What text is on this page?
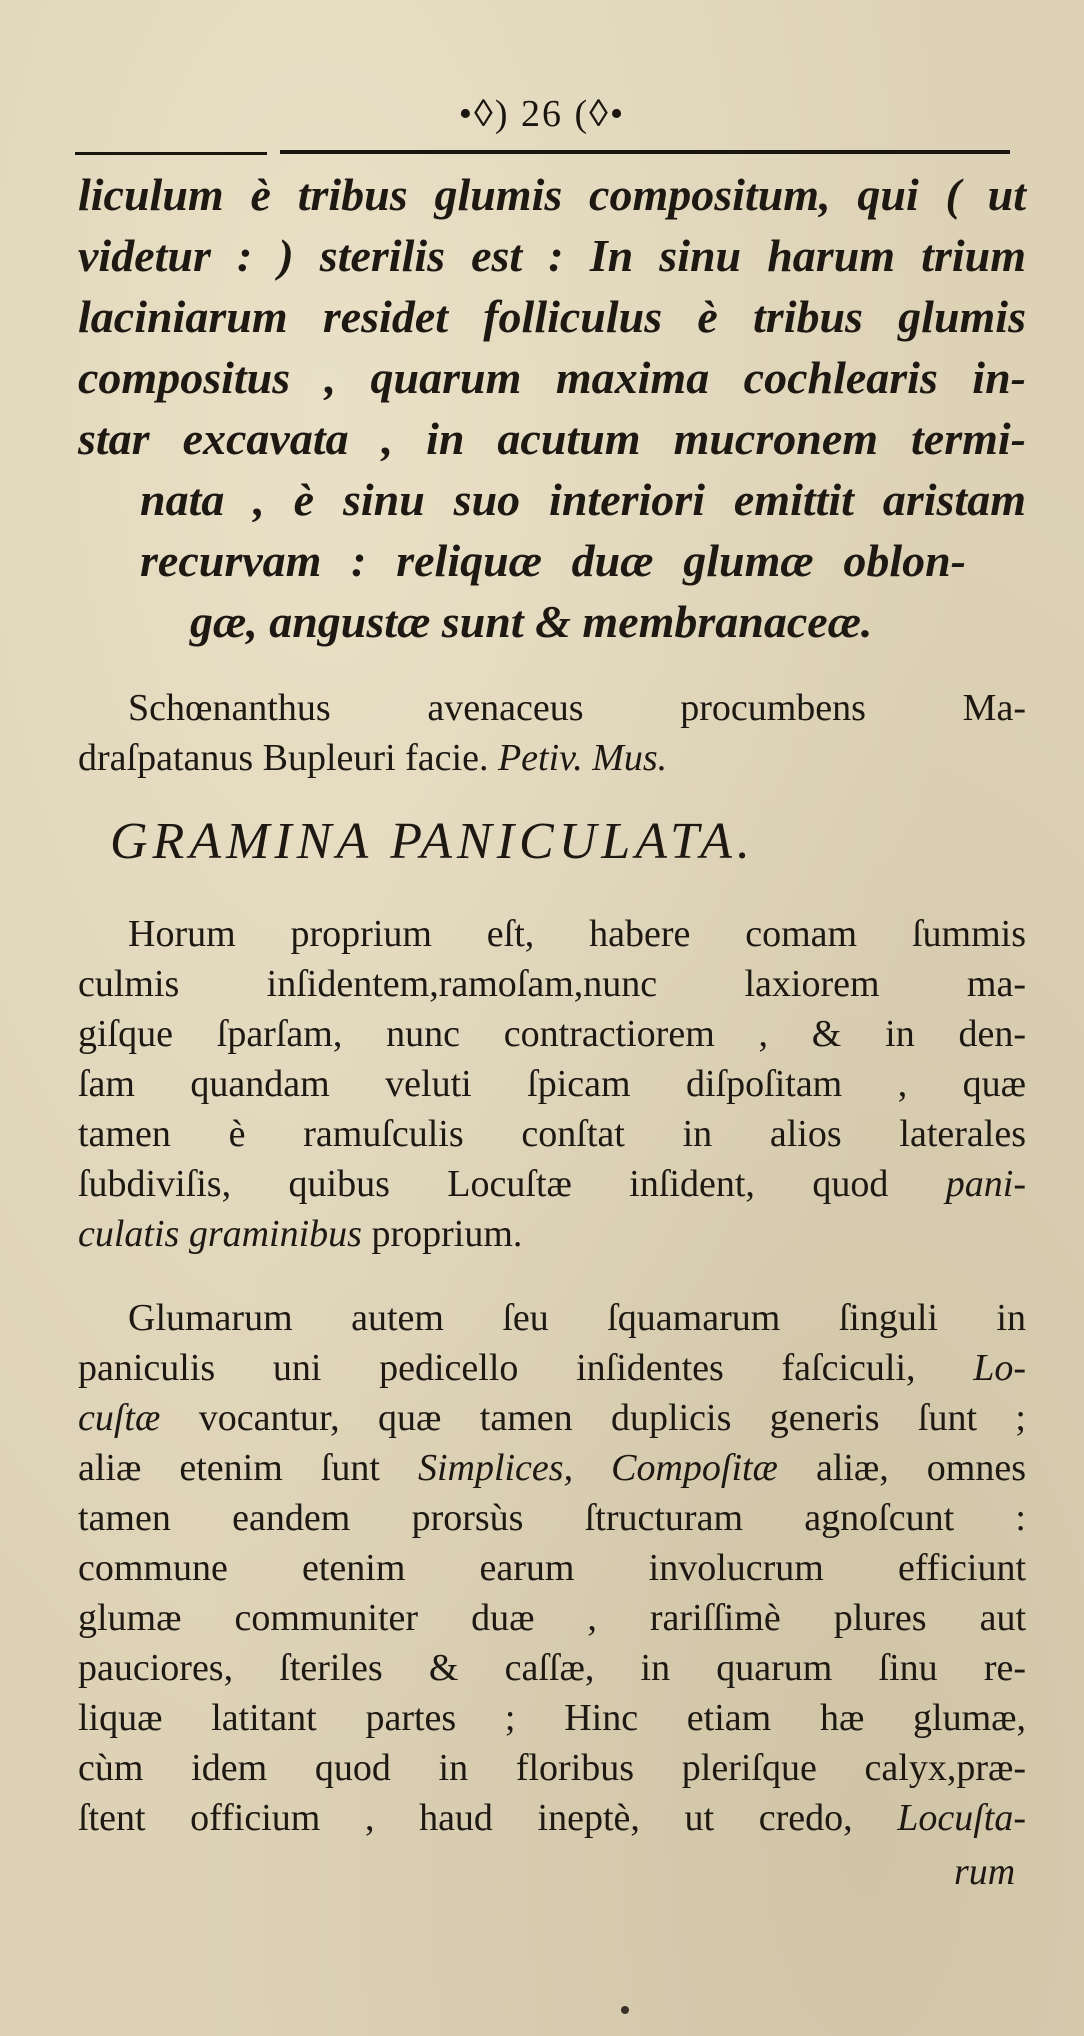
•◊) 26 (◊•
liculum è tribus glumis compositum, qui ( ut
videtur : ) sterilis est : In sinu harum trium
laciniarum residet folliculus è tribus glumis
compositus , quarum maxima cochlearis in-
star excavata , in acutum mucronem termi-
nata , è sinu suo interiori emittit aristam
recurvam : reliquæ duæ glumæ oblon-
gæ, angustæ sunt & membranaceæ.
Schœnanthus avenaceus procumbens Ma-
draſpatanus Bupleuri facie. Petiv. Mus.
GRAMINA PANICULATA.
Horum proprium eſt, habere comam ſummis
culmis inſidentem,ramoſam,nunc laxiorem ma-
giſque ſparſam, nunc contractiorem , & in den-
ſam quandam veluti ſpicam diſpoſitam , quæ
tamen è ramuſculis conſtat in alios laterales
ſubdiviſis, quibus Locuſtæ inſident, quod pani-
culatis graminibus proprium.
Glumarum autem ſeu ſquamarum ſinguli in
paniculis uni pedicello inſidentes faſciculi, Lo-
cuſtæ vocantur, quæ tamen duplicis generis ſunt ;
aliæ etenim ſunt Simplices, Compoſitæ aliæ, omnes
tamen eandem prorsùs ſtructuram agnoſcunt :
commune etenim earum involucrum efficiunt
glumæ communiter duæ , rariſſimè plures aut
pauciores, ſteriles & caſſæ, in quarum ſinu re-
liquæ latitant partes ; Hinc etiam hæ glumæ,
cùm idem quod in floribus pleriſque calyx,præ-
ſtent officium , haud ineptè, ut credo, Locuſta-
rum
